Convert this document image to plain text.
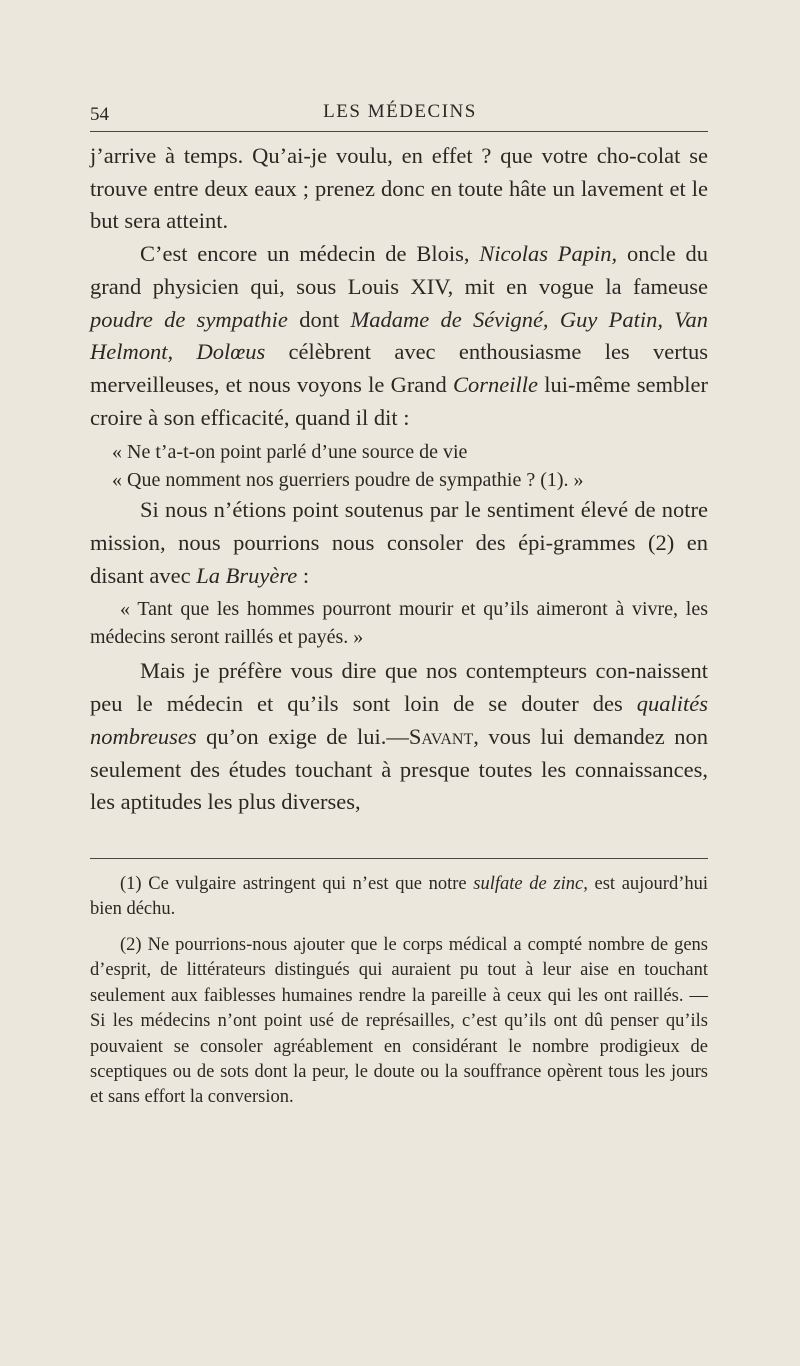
54	LES MÉDECINS

j’arrive à temps. Qu’ai-je voulu, en effet ? que votre cho-colat se trouve entre deux eaux ; prenez donc en toute hâte un lavement et le but sera atteint.

C’est encore un médecin de Blois, Nicolas Papin, oncle du grand physicien qui, sous Louis XIV, mit en vogue la fameuse poudre de sympathie dont Madame de Sévigné, Guy Patin, Van Helmont, Dolœus célèbrent avec enthousiasme les vertus merveilleuses, et nous voyons le Grand Corneille lui-même sembler croire à son efficacité, quand il dit :

« Ne t’a-t-on point parlé d’une source de vie

« Que nomment nos guerriers poudre de sympathie ? (1). »

Si nous n’étions point soutenus par le sentiment élevé de notre mission, nous pourrions nous consoler des épi-grammes (2) en disant avec La Bruyère :

« Tant que les hommes pourront mourir et qu’ils aimeront à vivre, les médecins seront raillés et payés. »

Mais je préfère vous dire que nos contempteurs con-naissent peu le médecin et qu’ils sont loin de se douter des qualités nombreuses qu’on exige de lui.—Savant, vous lui demandez non seulement des études touchant à presque toutes les connaissances, les aptitudes les plus diverses,

(1) Ce vulgaire astringent qui n’est que notre sulfate de zinc, est aujourd’hui bien déchu.

(2) Ne pourrions-nous ajouter que le corps médical a compté nombre de gens d’esprit, de littérateurs distingués qui auraient pu tout à leur aise en touchant seulement aux faiblesses humaines rendre la pareille à ceux qui les ont raillés. — Si les médecins n’ont point usé de représailles, c’est qu’ils ont dû penser qu’ils pouvaient se consoler agréablement en considérant le nombre prodigieux de sceptiques ou de sots dont la peur, le doute ou la souffrance opèrent tous les jours et sans effort la conversion.
